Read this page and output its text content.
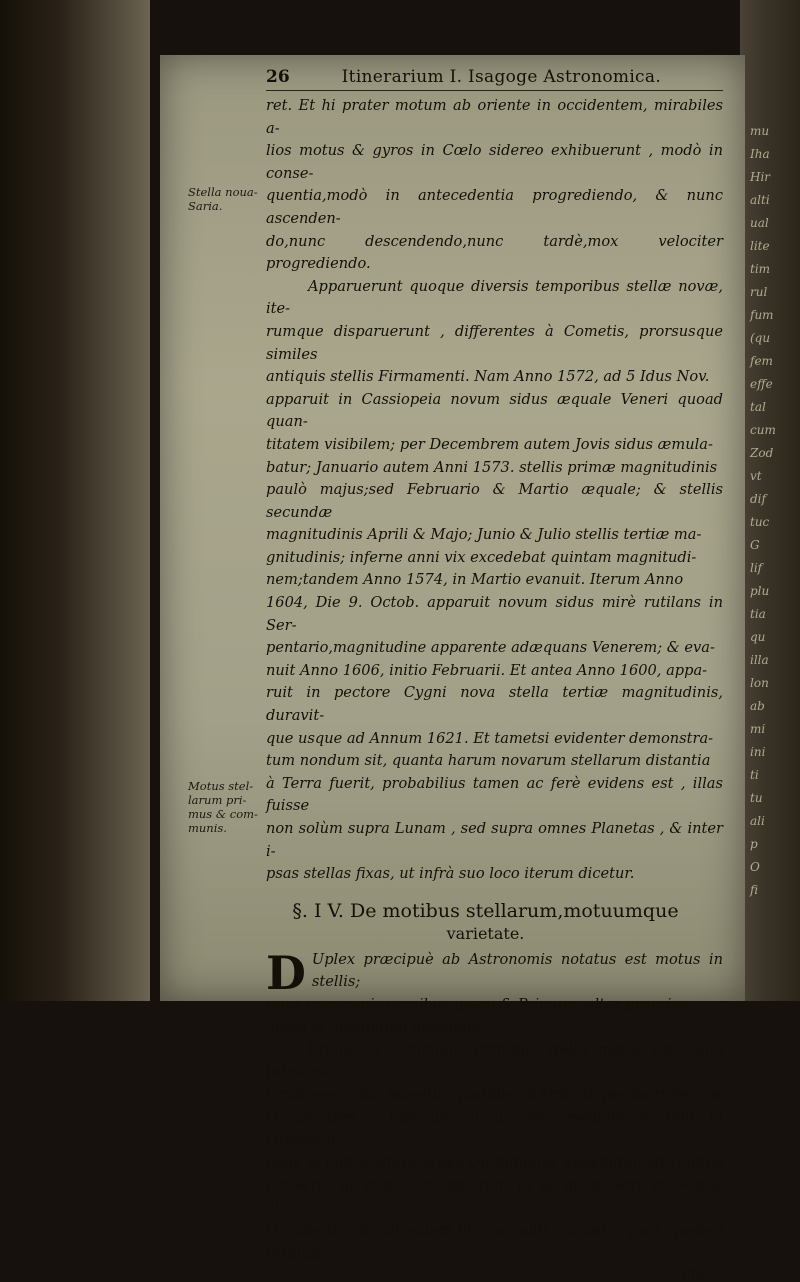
mu
Iha
Hir
alti
ual
lite
tim
rul
fum
(qu
fem
effe
tal
cum
Zod
vt
dif
tuc
G
lif
plu
tia
qu
illa
lon
ab
mi
ini
ti
tu
ali
p
O
fi
26	Itinerarium I. Isagoge Astronomica.
Stella noua-
Saria.
ret. Et hi prater motum ab oriente in occidentem, mirabiles a-
lios motus & gyros in Cœlo sidereo exhibuerunt , modò in conse-
quentia,modò in antecedentia progrediendo, & nunc ascenden-
do,nunc descendendo,nunc tardè,mox velociter progrediendo.
Apparuerunt quoque diversis temporibus stellæ novæ, ite-
rumque disparuerunt , differentes à Cometis, prorsusque similes
antiquis stellis Firmamenti. Nam Anno 1572, ad 5 Idus Nov.
apparuit in Cassiopeia novum sidus æquale Veneri quoad quan-
titatem visibilem; per Decembrem autem Jovis sidus æmula-
batur; Januario autem Anni 1573. stellis primæ magnitudinis
paulò majus;sed Februario & Martio æquale; & stellis secundæ
magnitudinis Aprili & Majo; Junio & Julio stellis tertiæ ma-
gnitudinis; inferne anni vix excedebat quintam magnitudi-
nem;tandem Anno 1574, in Martio evanuit. Iterum Anno
1604, Die 9. Octob. apparuit novum sidus mirè rutilans in Ser-
pentario,magnitudine apparente adæquans Venerem; & eva-
nuit Anno 1606, initio Februarii. Et antea Anno 1600, appa-
ruit in pectore Cygni nova stella tertiæ magnitudinis, duravit-
que usque ad Annum 1621. Et tametsi evidenter demonstra-
tum nondum sit, quanta harum novarum stellarum distantia
à Terra fuerit, probabilius tamen ac ferè evidens est , illas fuisse
non solùm supra Lunam , sed supra omnes Planetas , & inter i-
psas stellas fixas, ut infrà suo loco iterum dicetur.
§. I V. De motibus stellarum,motuumque
varietate.
Motus stel-
larum pri-
mus & com-
munis.
D Uplex præcipuè ab Astronomis notatus est motus in stellis;
unus communis omnibus,quem & Primum; alter proprius,
quem & Secundum appellant.
Primus & communis omnibus stellis motus est , quo totus stel-
larum exercitus movetur quotidie ab Oriente per meridiem in
Occidentem , indeque rursus per mediam noctem in Orientem;
unde & motus Diurnus seu Quotidianus appellatur. Hic motus
est verus ac realis,non apparens ex eo quòd Terra moveatur ab
Occidente in Orientem,ut nonnulli volunt, quos postea refutabi-
mus.
